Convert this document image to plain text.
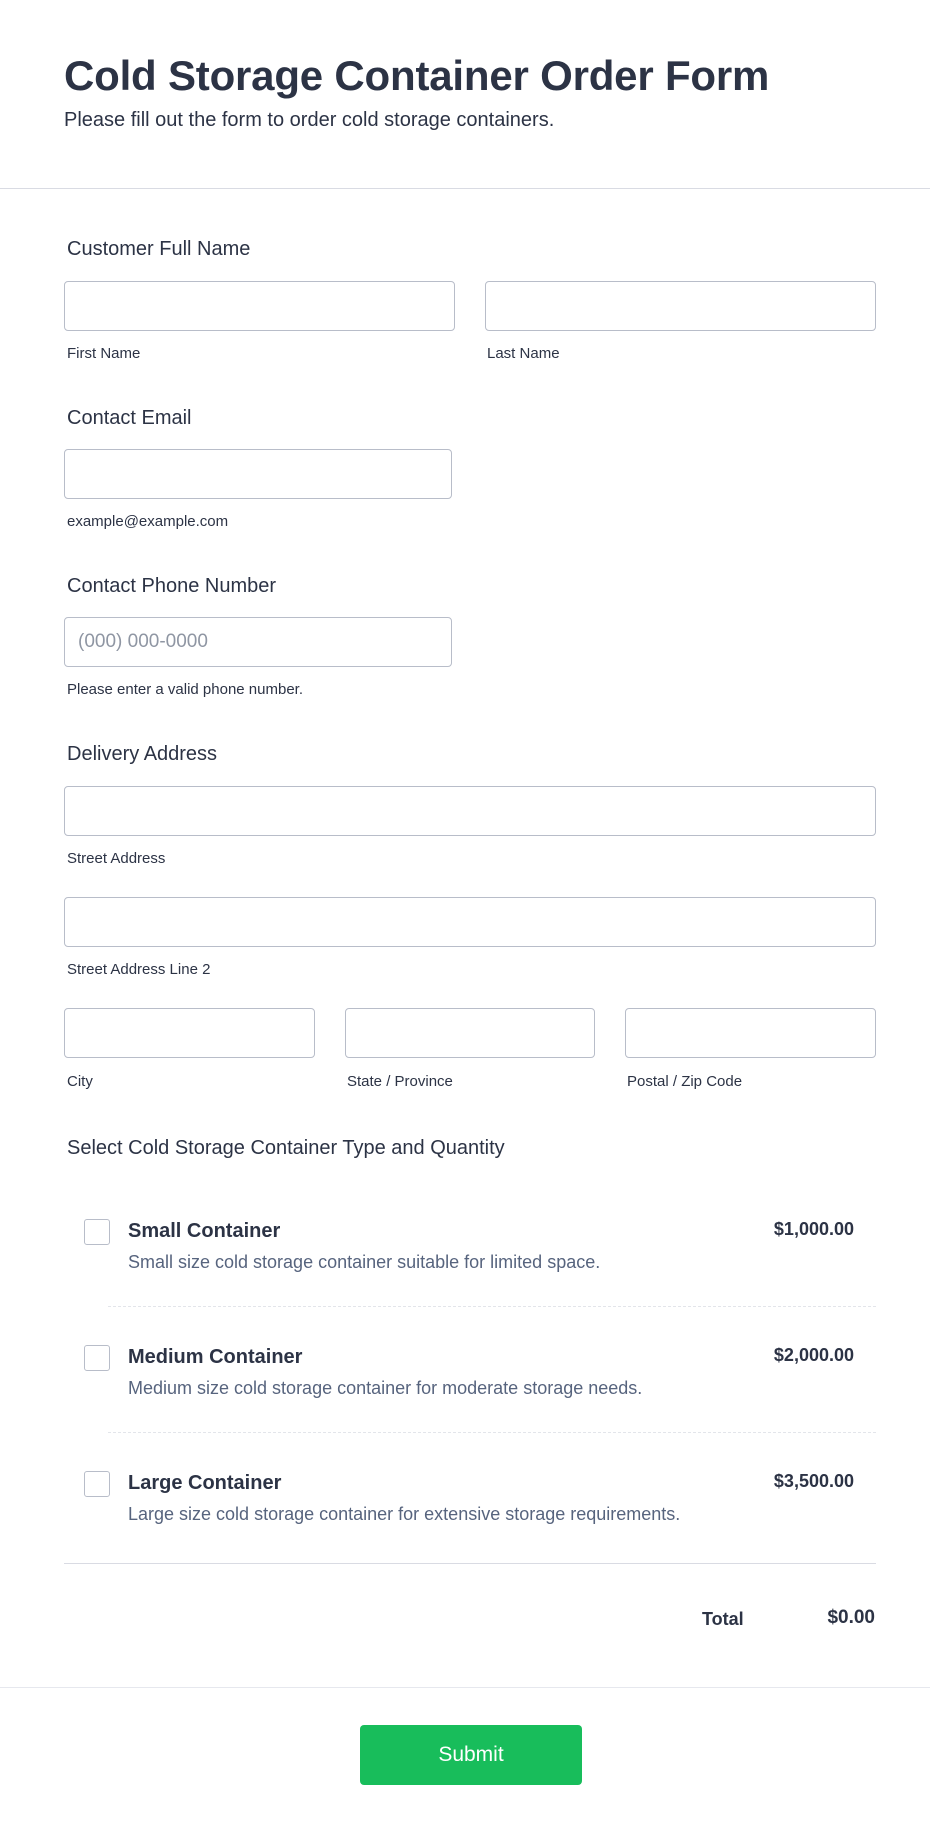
Cold Storage Container Order Form

Please fill out the form to order cold storage containers.

Customer Full Name
First Name	Last Name
Contact Email
example@example.com
Contact Phone Number
(000) 000-0000
Please enter a valid phone number.
Delivery Address
Street Address
Street Address Line 2
City	State / Province	Postal / Zip Code
Select Cold Storage Container Type and Quantity
Small Container
Small size cold storage container suitable for limited space.
$1,000.00
Medium Container
Medium size cold storage container for moderate storage needs.
$2,000.00
Large Container
Large size cold storage container for extensive storage requirements.
$3,500.00
Total	$0.00
Submit
